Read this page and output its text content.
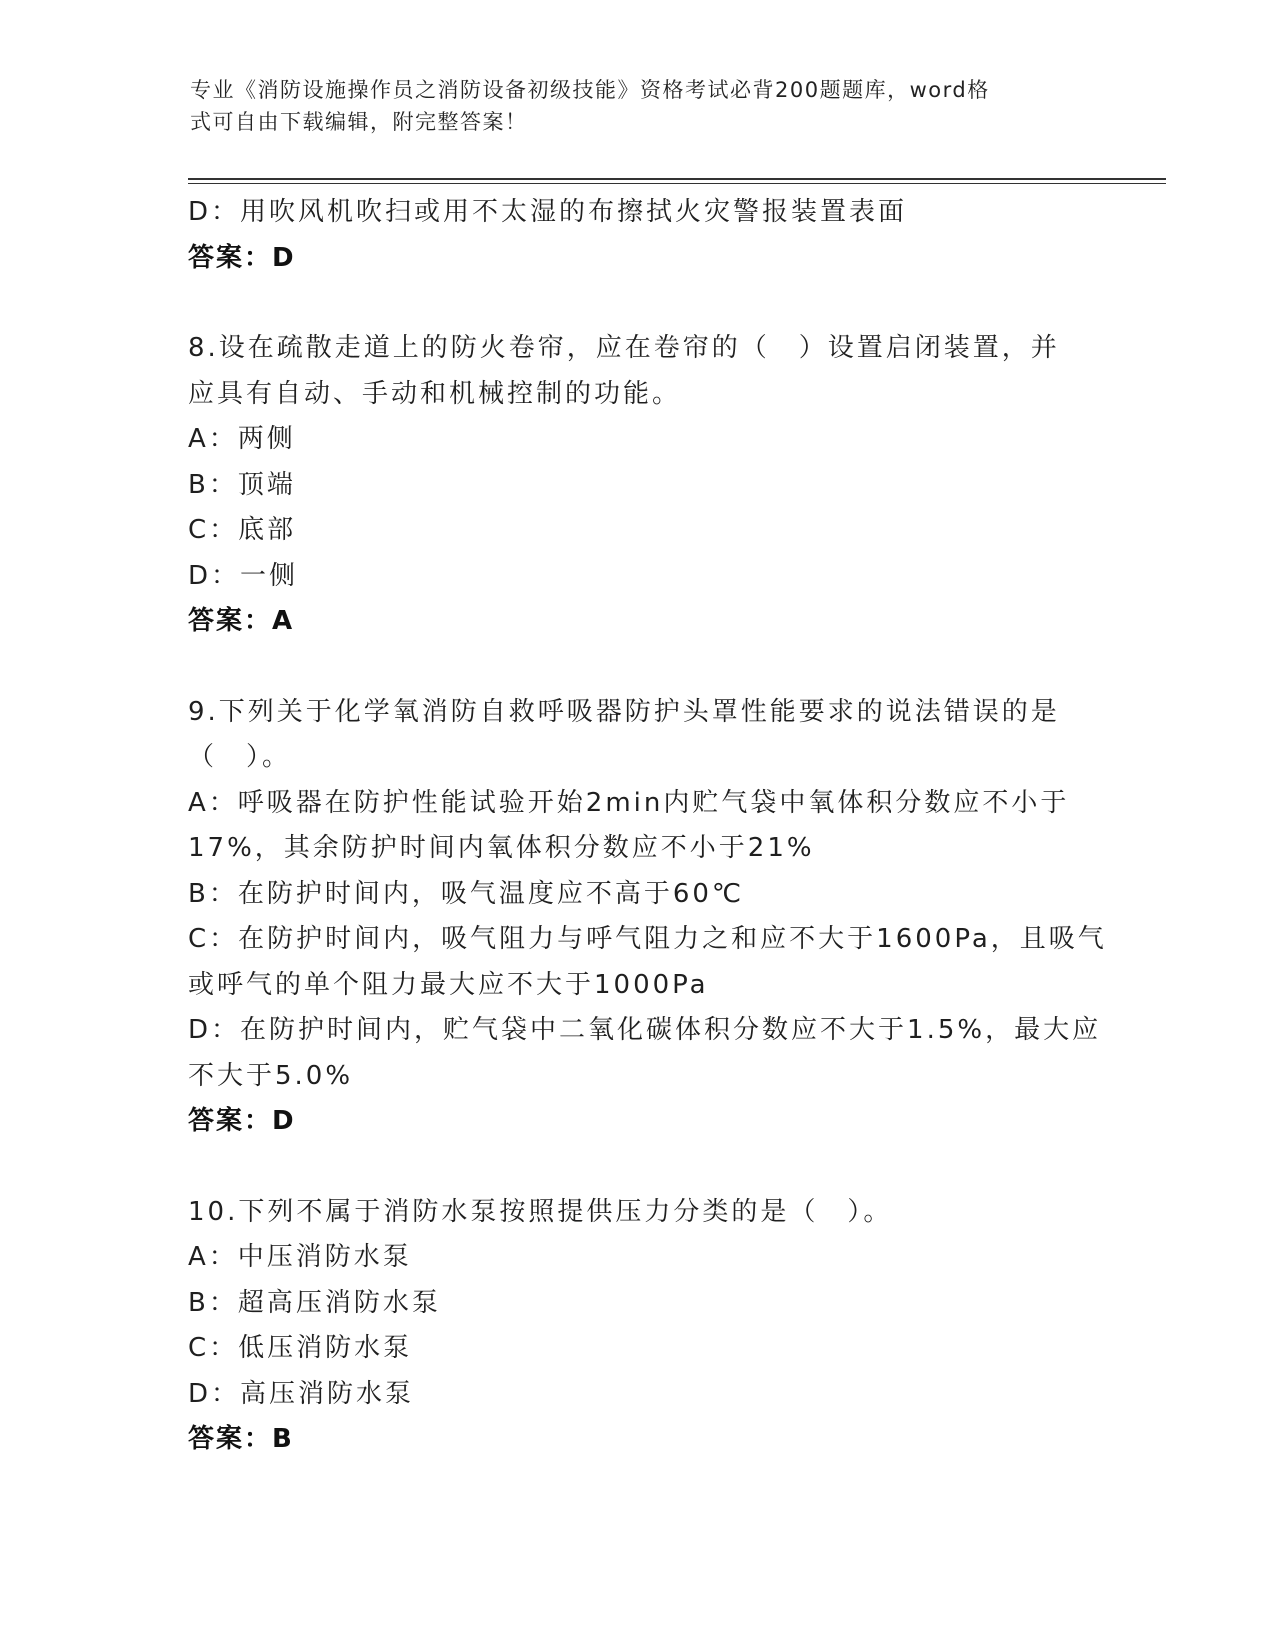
专业《消防设施操作员之消防设备初级技能》资格考试必背200题题库，word格
式可自由下载编辑，附完整答案！
D：用吹风机吹扫或用不太湿的布擦拭火灾警报装置表面
答案：D
8.设在疏散走道上的防火卷帘，应在卷帘的（　）设置启闭装置，并
应具有自动、手动和机械控制的功能。
A：两侧
B：顶端
C：底部
D：一侧
答案：A
9.下列关于化学氧消防自救呼吸器防护头罩性能要求的说法错误的是
（　）。
A：呼吸器在防护性能试验开始2min内贮气袋中氧体积分数应不小于
17%，其余防护时间内氧体积分数应不小于21%
B：在防护时间内，吸气温度应不高于60℃
C：在防护时间内，吸气阻力与呼气阻力之和应不大于1600Pa，且吸气
或呼气的单个阻力最大应不大于1000Pa
D：在防护时间内，贮气袋中二氧化碳体积分数应不大于1.5%，最大应
不大于5.0%
答案：D
10.下列不属于消防水泵按照提供压力分类的是（　）。
A：中压消防水泵
B：超高压消防水泵
C：低压消防水泵
D：高压消防水泵
答案：B
